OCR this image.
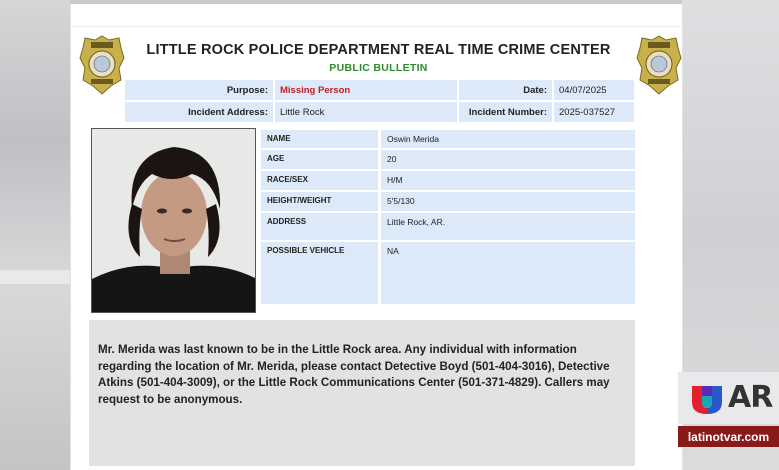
LITTLE ROCK POLICE DEPARTMENT REAL TIME CRIME CENTER
PUBLIC BULLETIN
Purpose:	Missing Person	Date:	04/07/2025
Incident Address:	Little Rock	Incident Number:	2025-037527
NAME	Oswin Merida
AGE	20
RACE/SEX	H/M
HEIGHT/WEIGHT	5'5/130
ADDRESS	Little Rock, AR.
POSSIBLE VEHICLE	NA
Mr. Merida was last known to be in the Little Rock area. Any individual with information regarding the location of Mr. Merida, please contact Detective Boyd (501-404-3016), Detective Atkins (501-404-3009), or the Little Rock Communications Center (501-371-4829). Callers may request to be anonymous.	AR
latinotvar.com
